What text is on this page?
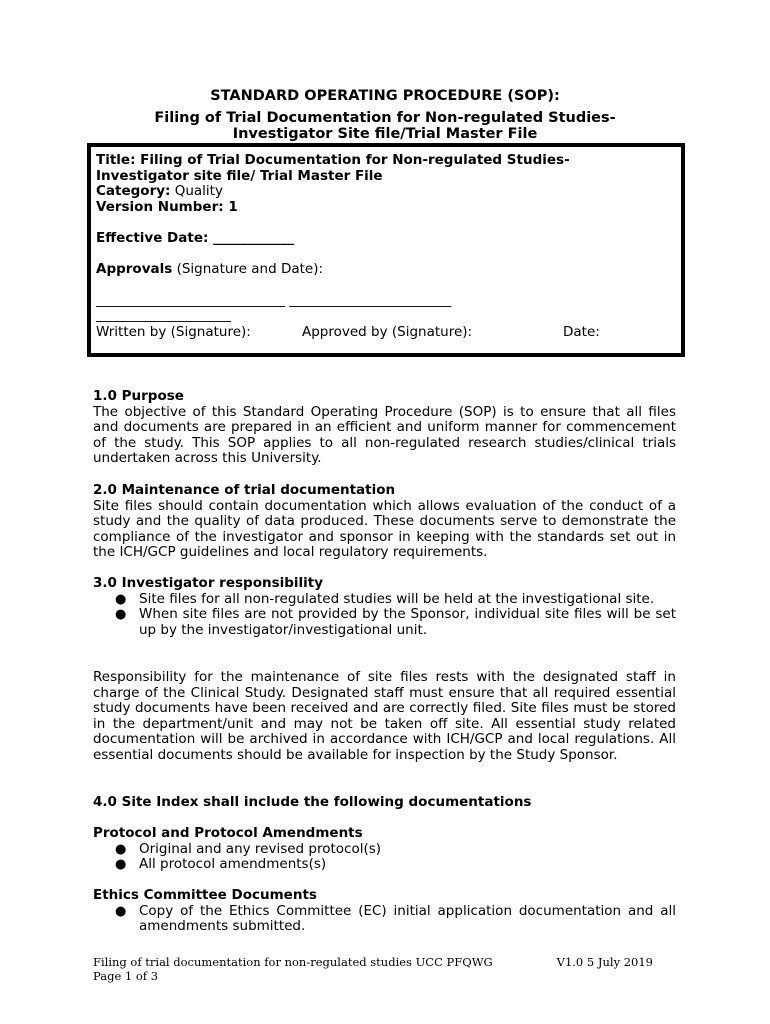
STANDARD OPERATING PROCEDURE (SOP):
Filing of Trial Documentation for Non-regulated Studies-
Investigator Site file/Trial Master File
Title: Filing of Trial Documentation for Non-regulated Studies-
Investigator site file/ Trial Master File
Category: Quality
Version Number: 1
Effective Date: ____________
Approvals (Signature and Date):
____________________________ ________________________
____________________
Written by (Signature):	Approved by (Signature):	Date:
1.0 Purpose
The objective of this Standard Operating Procedure (SOP) is to ensure that all files and documents are prepared in an efficient and uniform manner for commencement of the study. This SOP applies to all non-regulated research studies/clinical trials undertaken across this University.
2.0 Maintenance of trial documentation
Site files should contain documentation which allows evaluation of the conduct of a study and the quality of data produced. These documents serve to demonstrate the compliance of the investigator and sponsor in keeping with the standards set out in the ICH/GCP guidelines and local regulatory requirements.
3.0 Investigator responsibility
● Site files for all non-regulated studies will be held at the investigational site.
● When site files are not provided by the Sponsor, individual site files will be set up by the investigator/investigational unit.
Responsibility for the maintenance of site files rests with the designated staff in charge of the Clinical Study. Designated staff must ensure that all required essential study documents have been received and are correctly filed. Site files must be stored in the department/unit and may not be taken off site. All essential study related documentation will be archived in accordance with ICH/GCP and local regulations. All essential documents should be available for inspection by the Study Sponsor.
4.0 Site Index shall include the following documentations
Protocol and Protocol Amendments
● Original and any revised protocol(s)
● All protocol amendments(s)
Ethics Committee Documents
● Copy of the Ethics Committee (EC) initial application documentation and all amendments submitted.
Filing of trial documentation for non-regulated studies UCC PFQWG	V1.0 5 July 2019
Page 1 of 3
